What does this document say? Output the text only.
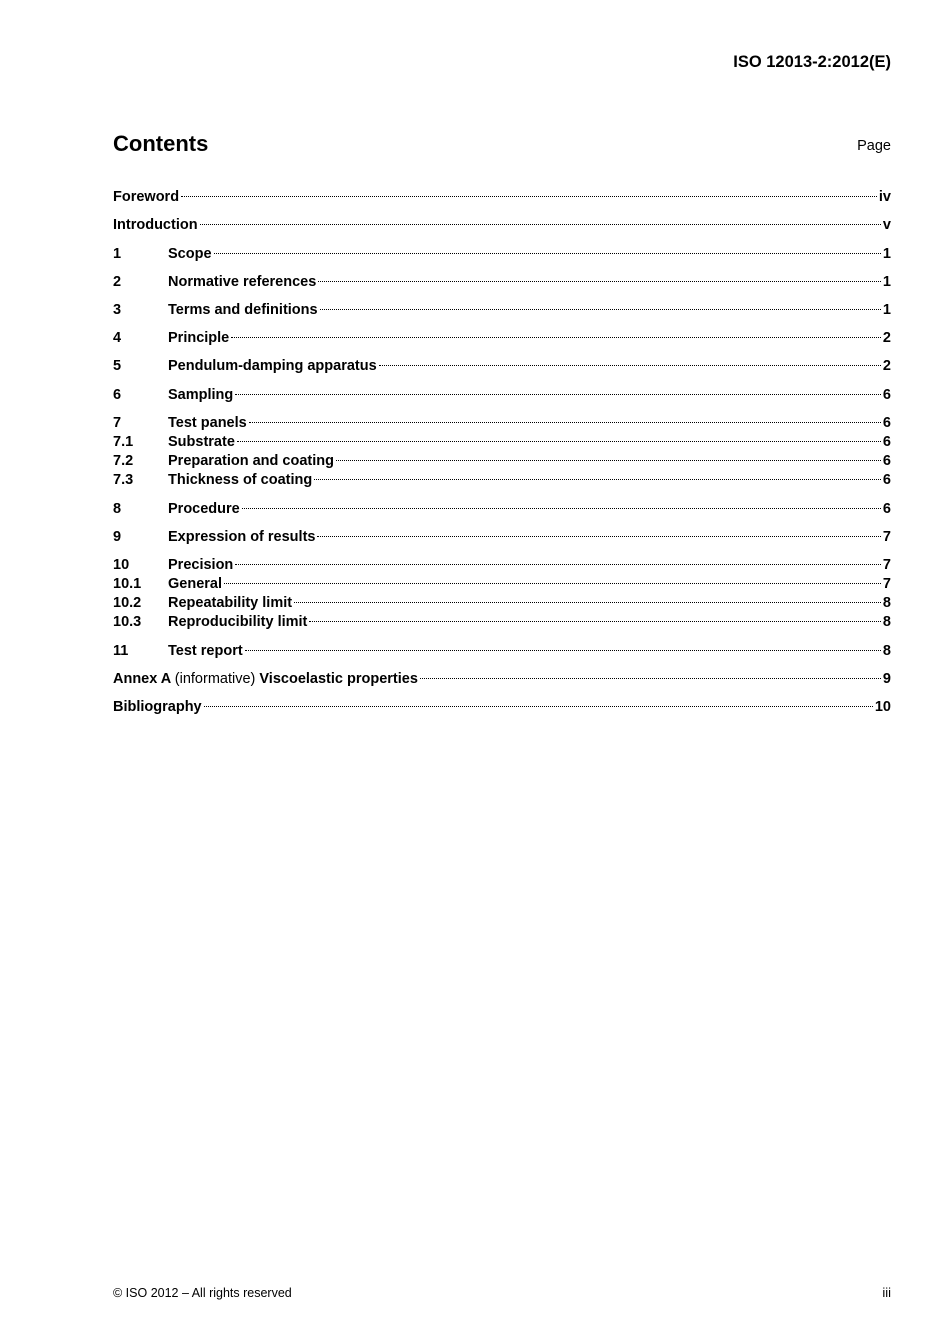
ISO 12013-2:2012(E)
Contents	Page
Foreword	iv
Introduction	v
1	Scope	1
2	Normative references	1
3	Terms and definitions	1
4	Principle	2
5	Pendulum-damping apparatus	2
6	Sampling	6
7	Test panels	6
7.1	Substrate	6
7.2	Preparation and coating	6
7.3	Thickness of coating	6
8	Procedure	6
9	Expression of results	7
10	Precision	7
10.1	General	7
10.2	Repeatability limit	8
10.3	Reproducibility limit	8
11	Test report	8
Annex A (informative) Viscoelastic properties	9
Bibliography	10
© ISO 2012 – All rights reserved	iii
